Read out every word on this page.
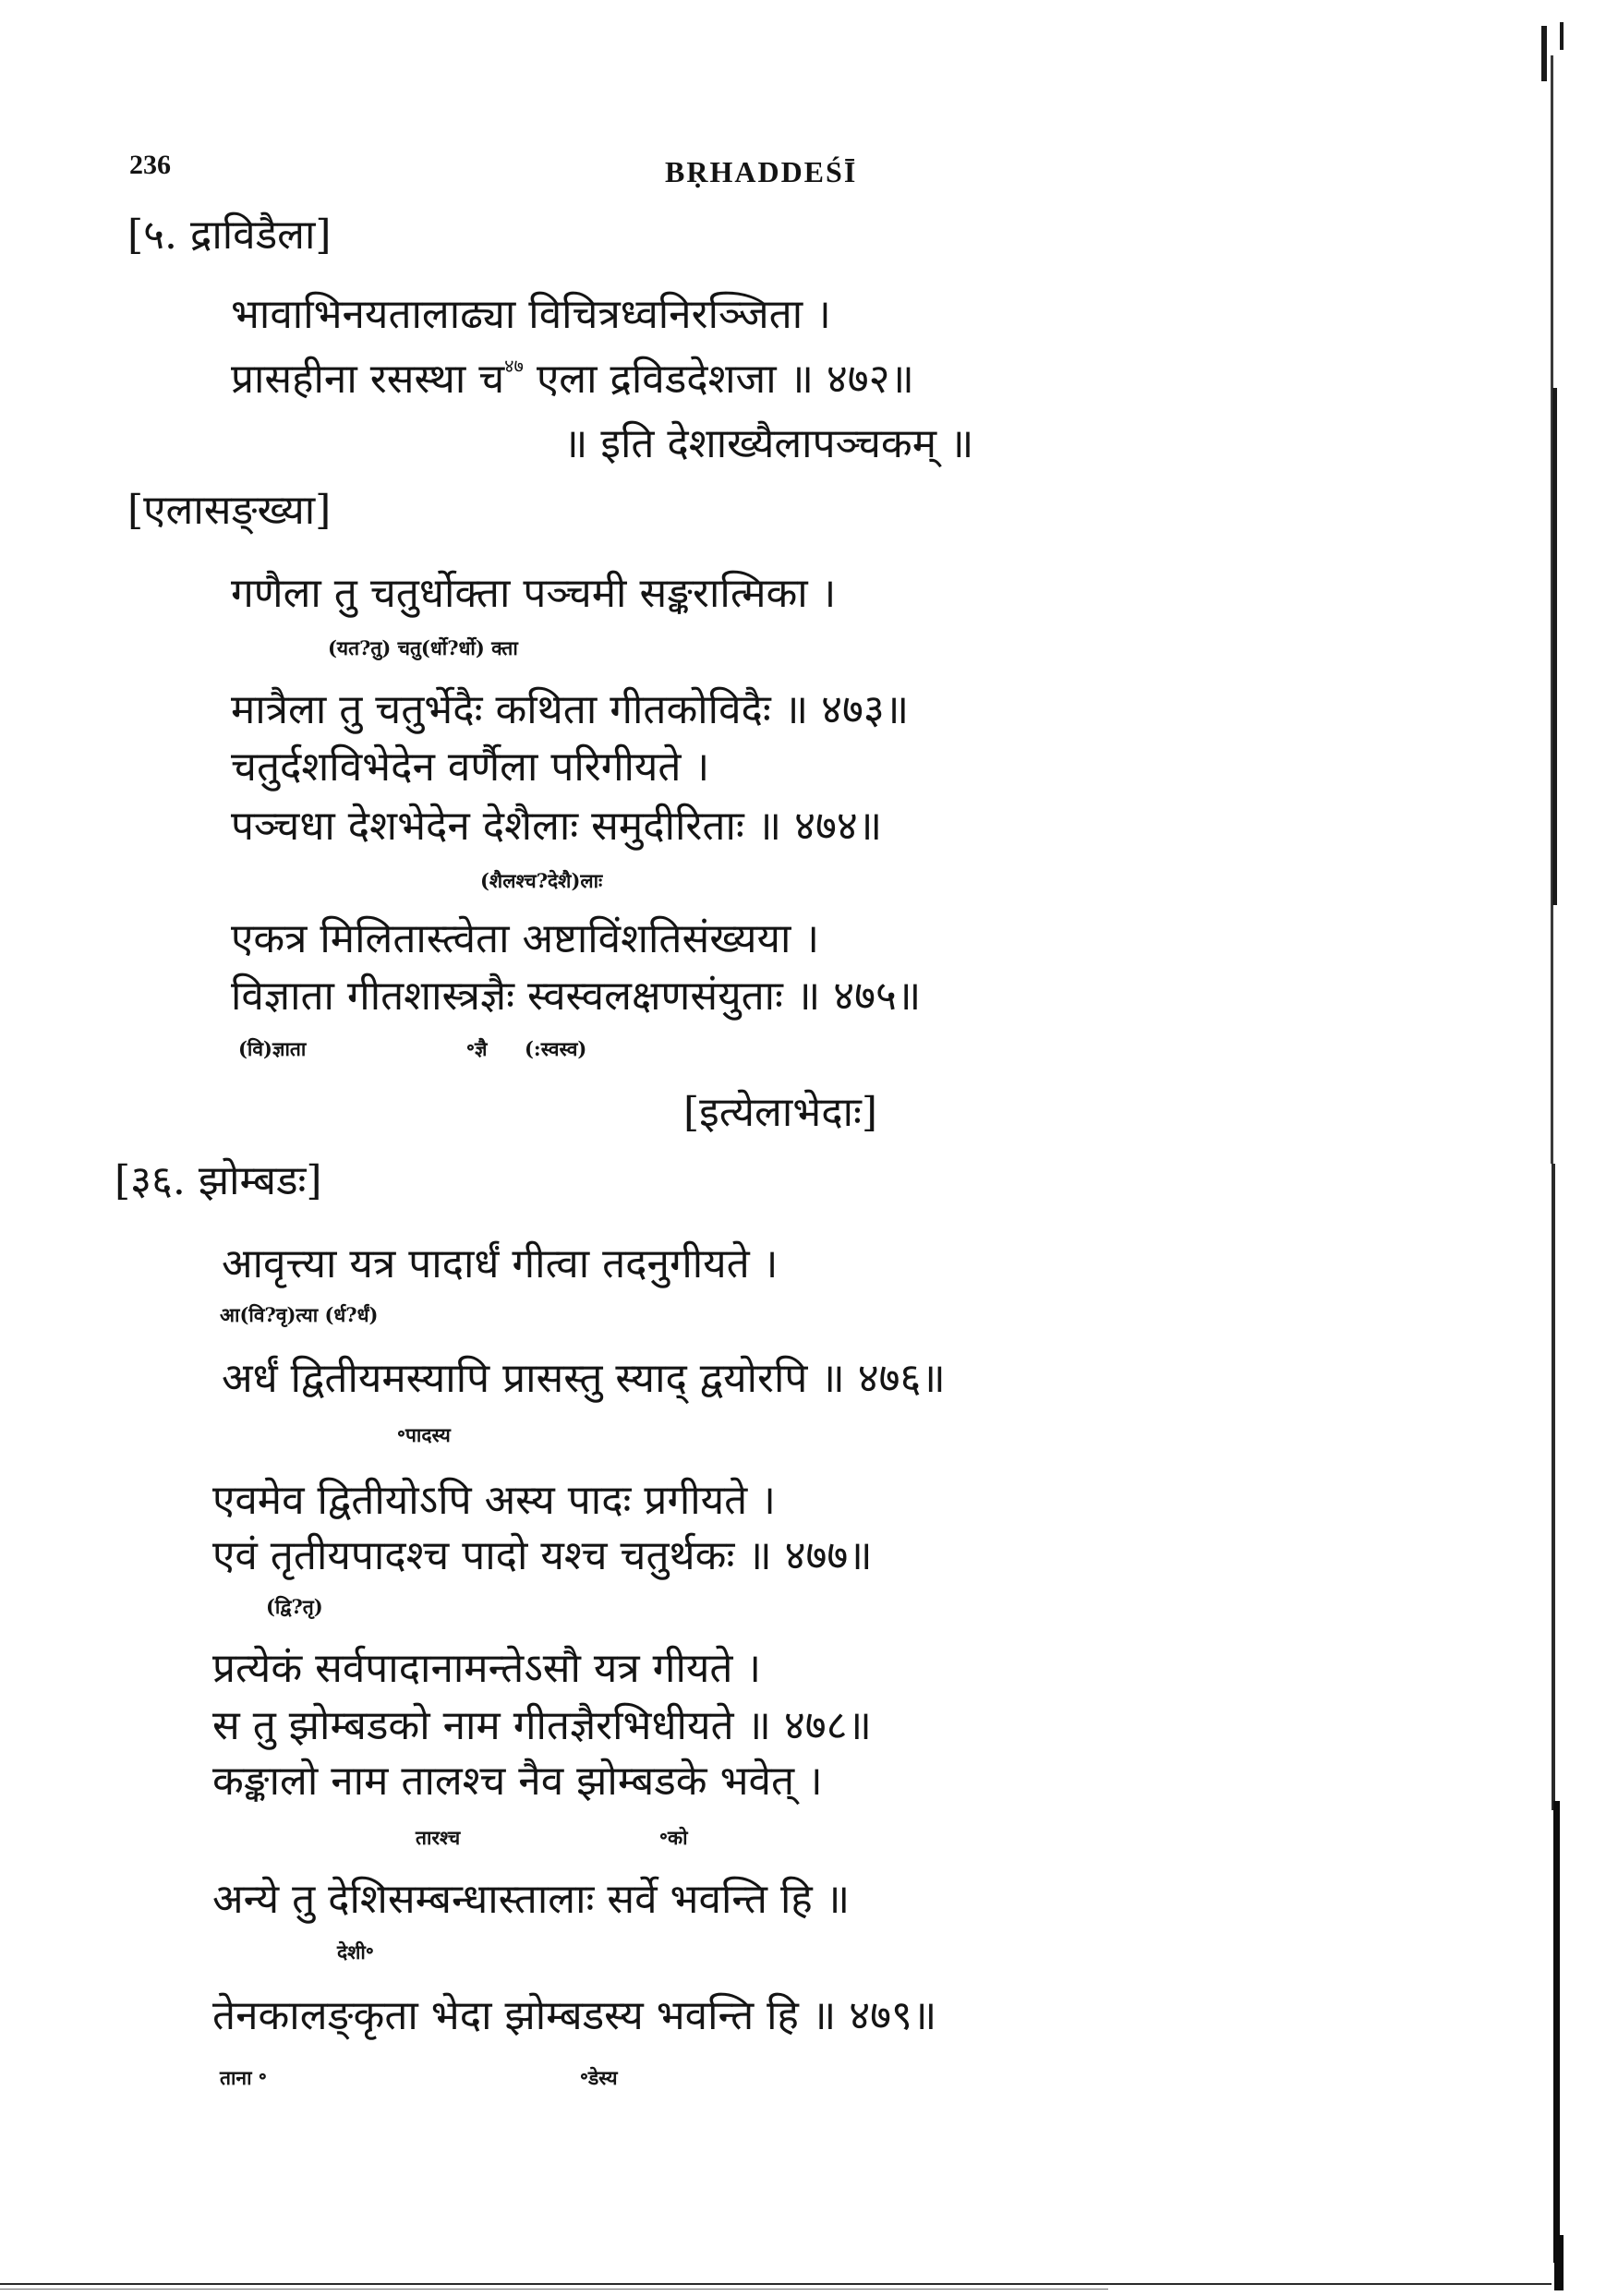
236	BṚHADDEŚĪ
[५. द्राविडैला]
भावाभिनयतालाढ्या विचित्रध्वनिरञ्जिता ।
प्रासहीना रसस्था च$^{४७}$ एला द्रविडदेशजा ॥ ४७२॥
॥ इति देशाख्यैलापञ्चकम् ॥
[एलासङ्ख्या]
गणैला तु चतुर्धोक्ता पञ्चमी सङ्करात्मिका ।
(यत?तु) चतु(र्धो?र्धो) क्ता
मात्रैला तु चतुर्भेदैः कथिता गीतकोविदैः ॥ ४७३॥
चतुर्दशविभेदेन वर्णैला परिगीयते ।
पञ्चधा देशभेदेन देशैलाः समुदीरिताः ॥ ४७४॥
(शैलश्च?देशै)लाः
एकत्र मिलितास्त्वेता अष्टाविंशतिसंख्यया ।
विज्ञाता गीतशास्त्रज्ञैः स्वस्वलक्षणसंयुताः ॥ ४७५॥
(वि)ज्ञाता	॰ज्ञै (:स्वस्व)
[इत्येलाभेदाः]
[३६. झोम्बडः]
आवृत्त्या यत्र पादार्धं गीत्वा तदनुगीयते ।
आ(वि?वृ)त्या (र्ध?र्धं)
अर्धं द्वितीयमस्यापि प्रासस्तु स्याद् द्वयोरपि ॥ ४७६॥
॰पादस्य
एवमेव द्वितीयोऽपि अस्य पादः प्रगीयते ।
एवं तृतीयपादश्च पादो यश्च चतुर्थकः ॥ ४७७॥
(द्वि?तृ)
प्रत्येकं सर्वपादानामन्तेऽसौ यत्र गीयते ।
स तु झोम्बडको नाम गीतज्ञैरभिधीयते ॥ ४७८॥
कङ्कालो नाम तालश्च नैव झोम्बडके भवेत् ।
तारश्च	॰को
अन्ये तु देशिसम्बन्धास्तालाः सर्वे भवन्ति हि ॥
देशी॰
तेनकालङ्कृता भेदा झोम्बडस्य भवन्ति हि ॥ ४७९॥
ताना ॰	॰डेस्य
